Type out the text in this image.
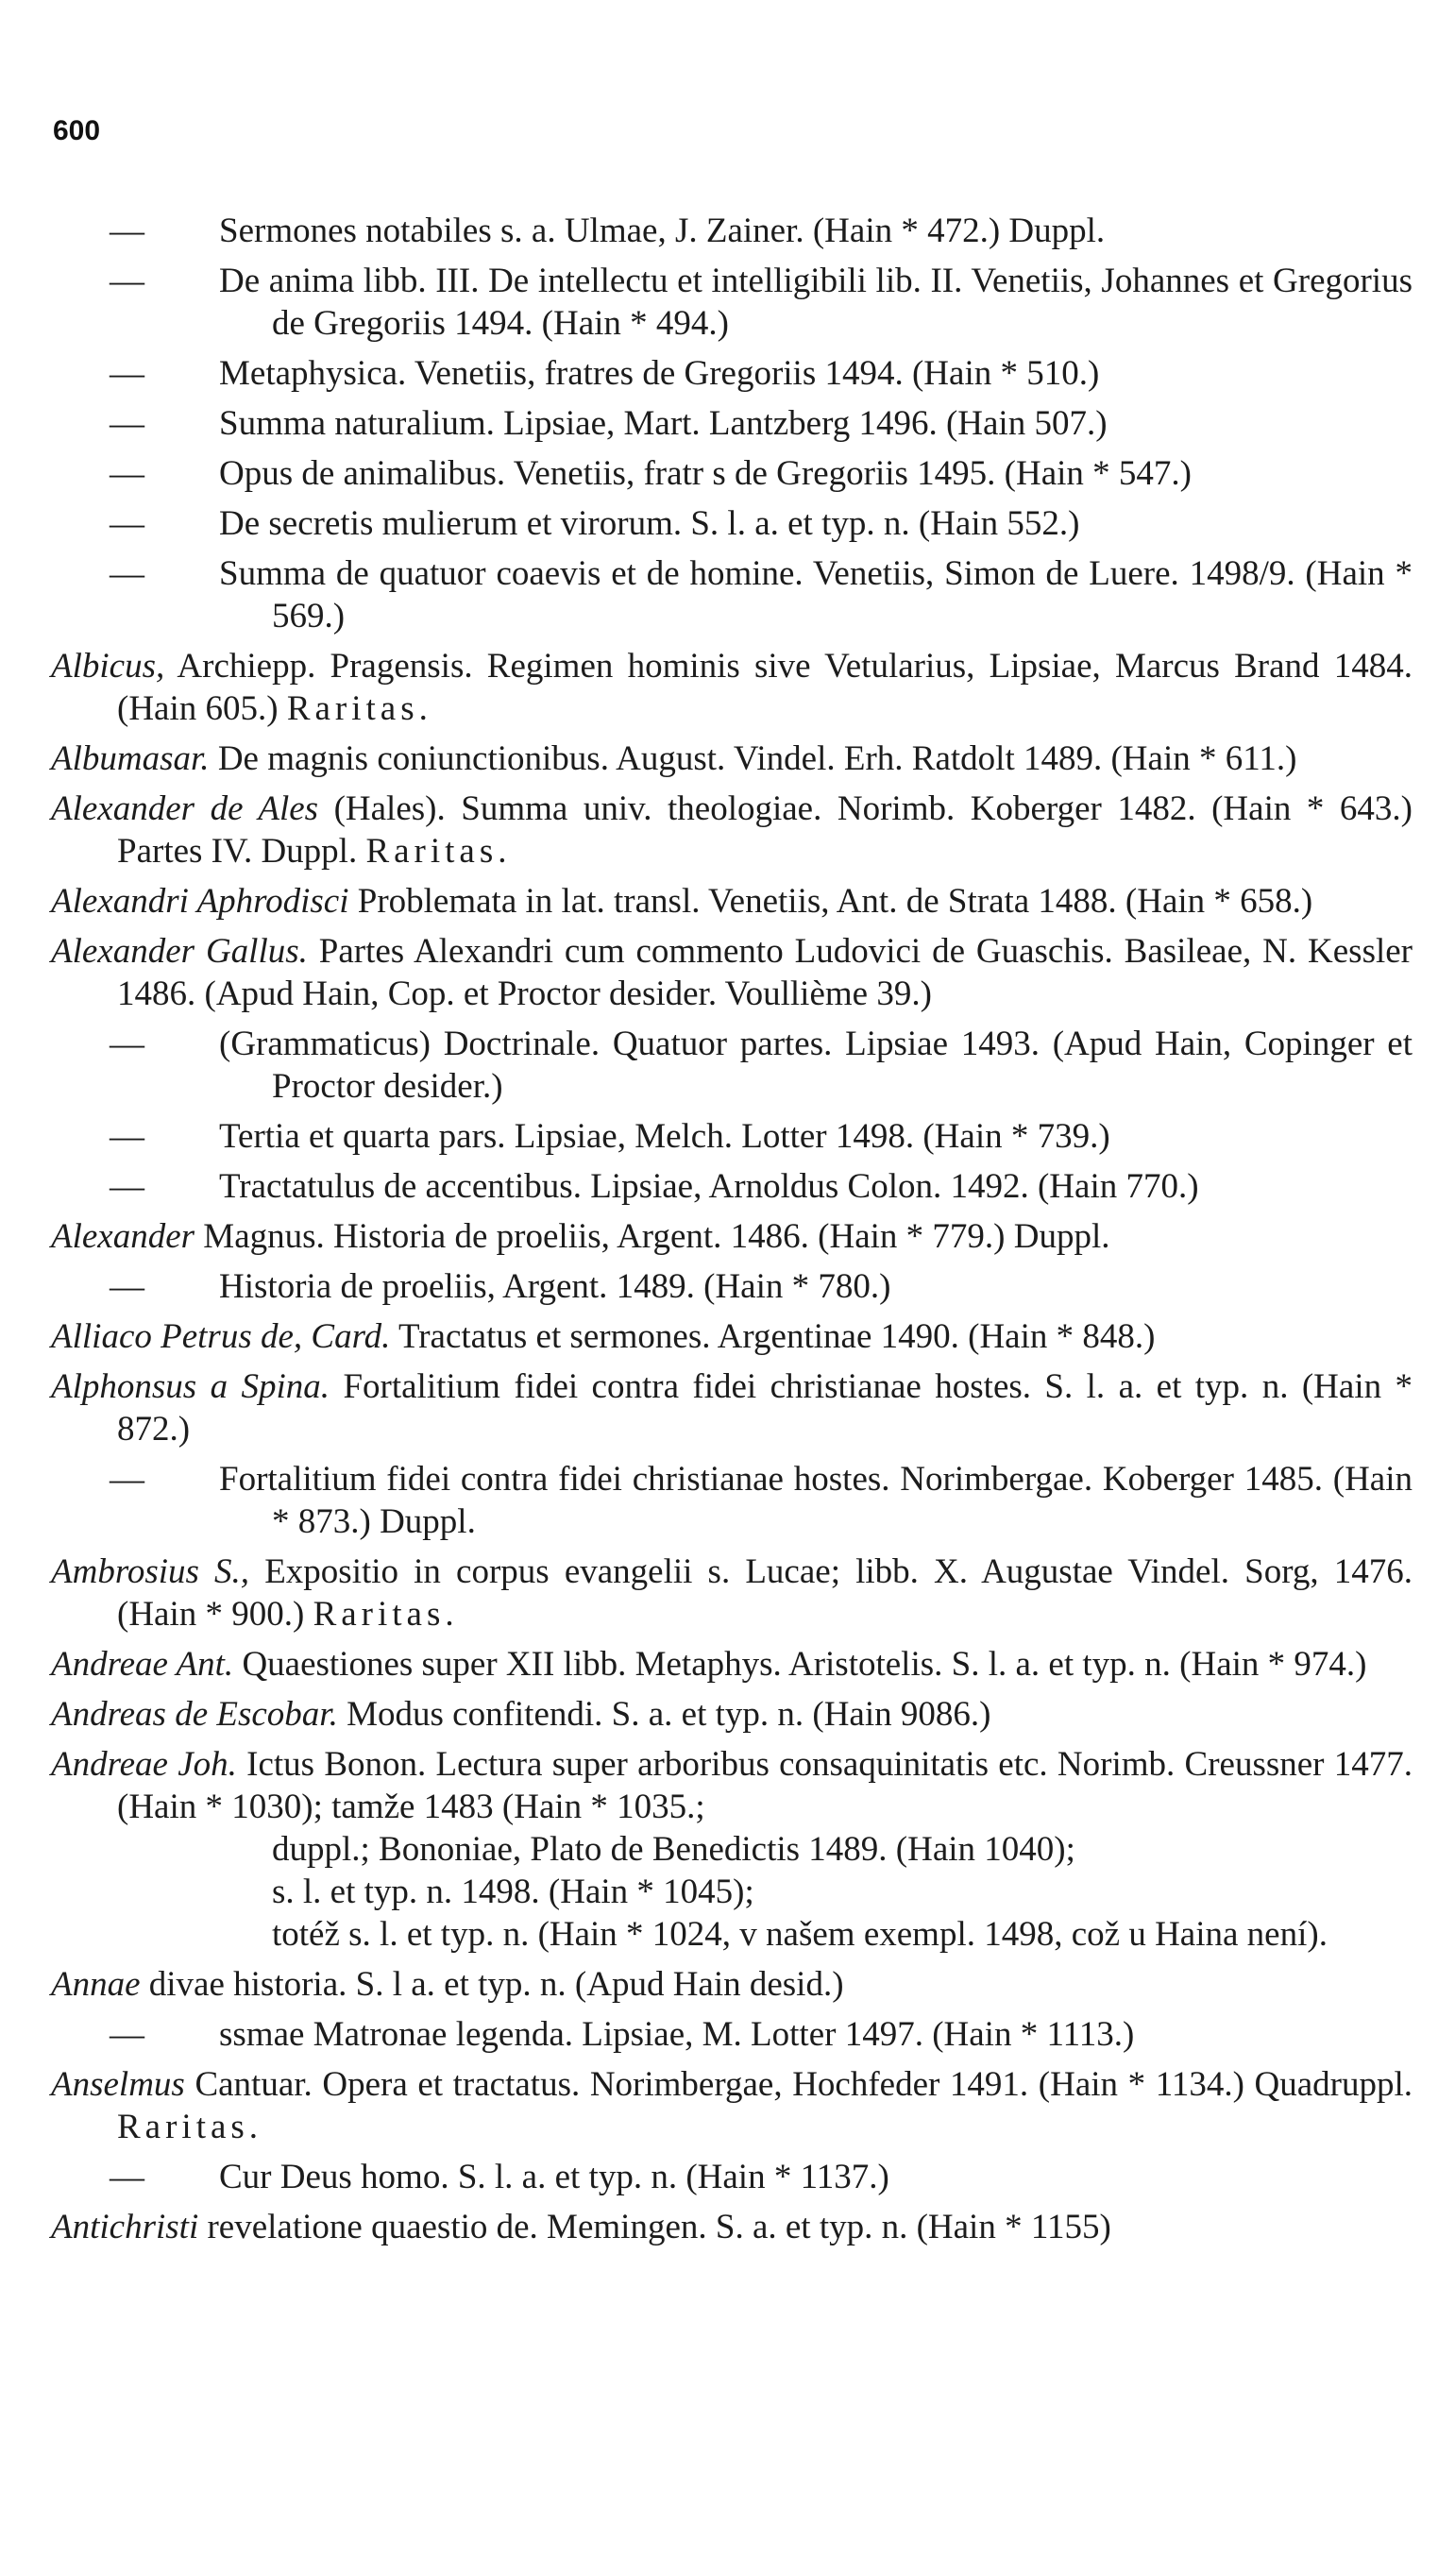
600
— Sermones notabiles s. a. Ulmae, J. Zainer. (Hain * 472.) Duppl.
— De anima libb. III. De intellectu et intelligibili lib. II. Venetiis, Johannes et Gregorius de Gregoriis 1494. (Hain * 494.)
— Metaphysica. Venetiis, fratres de Gregoriis 1494. (Hain * 510.)
— Summa naturalium. Lipsiae, Mart. Lantzberg 1496. (Hain 507.)
— Opus de animalibus. Venetiis, fratr s de Gregoriis 1495. (Hain * 547.)
— De secretis mulierum et virorum. S. l. a. et typ. n. (Hain 552.)
— Summa de quatuor coaevis et de homine. Venetiis, Simon de Luere. 1498/9. (Hain * 569.)
Albicus, Archiepp. Pragensis. Regimen hominis sive Vetularius, Lipsiae, Marcus Brand 1484. (Hain 605.) Raritas.
Albumasar. De magnis coniunctionibus. August. Vindel. Erh. Ratdolt 1489. (Hain * 611.)
Alexander de Ales (Hales). Summa univ. theologiae. Norimb. Koberger 1482. (Hain * 643.) Partes IV. Duppl. Raritas.
Alexandri Aphrodisci Problemata in lat. transl. Venetiis, Ant. de Strata 1488. (Hain * 658.)
Alexander Gallus. Partes Alexandri cum commento Ludovici de Guaschis. Basileae, N. Kessler 1486. (Apud Hain, Cop. et Proctor desider. Voullième 39.)
— (Grammaticus) Doctrinale. Quatuor partes. Lipsiae 1493. (Apud Hain, Copinger et Proctor desider.)
— Tertia et quarta pars. Lipsiae, Melch. Lotter 1498. (Hain * 739.)
— Tractatulus de accentibus. Lipsiae, Arnoldus Colon. 1492. (Hain 770.)
Alexander Magnus. Historia de proeliis, Argent. 1486. (Hain * 779.) Duppl.
— Historia de proeliis, Argent. 1489. (Hain * 780.)
Alliaco Petrus de, Card. Tractatus et sermones. Argentinae 1490. (Hain * 848.)
Alphonsus a Spina. Fortalitium fidei contra fidei christianae hostes. S. l. a. et typ. n. (Hain * 872.)
— Fortalitium fidei contra fidei christianae hostes. Norimbergae. Koberger 1485. (Hain * 873.) Duppl.
Ambrosius S., Expositio in corpus evangelii s. Lucae; libb. X. Augustae Vindel. Sorg, 1476. (Hain * 900.) Raritas.
Andreae Ant. Quaestiones super XII libb. Metaphys. Aristotelis. S. l. a. et typ. n. (Hain * 974.)
Andreas de Escobar. Modus confitendi. S. a. et typ. n. (Hain 9086.)
Andreae Joh. Ictus Bonon. Lectura super arboribus consaquinitatis etc. Norimb. Creussner 1477. (Hain * 1030); tamže 1483 (Hain * 1035.;
duppl.; Bononiae, Plato de Benedictis 1489. (Hain 1040);
s. l. et typ. n. 1498. (Hain * 1045);
totéž s. l. et typ. n. (Hain * 1024, v našem exempl. 1498, což u Haina není).
Annae divae historia. S. l a. et typ. n. (Apud Hain desid.)
— ssmae Matronae legenda. Lipsiae, M. Lotter 1497. (Hain * 1113.)
Anselmus Cantuar. Opera et tractatus. Norimbergae, Hochfeder 1491. (Hain * 1134.) Quadruppl. Raritas.
— Cur Deus homo. S. l. a. et typ. n. (Hain * 1137.)
Antichristi revelatione quaestio de. Memingen. S. a. et typ. n. (Hain * 1155)
